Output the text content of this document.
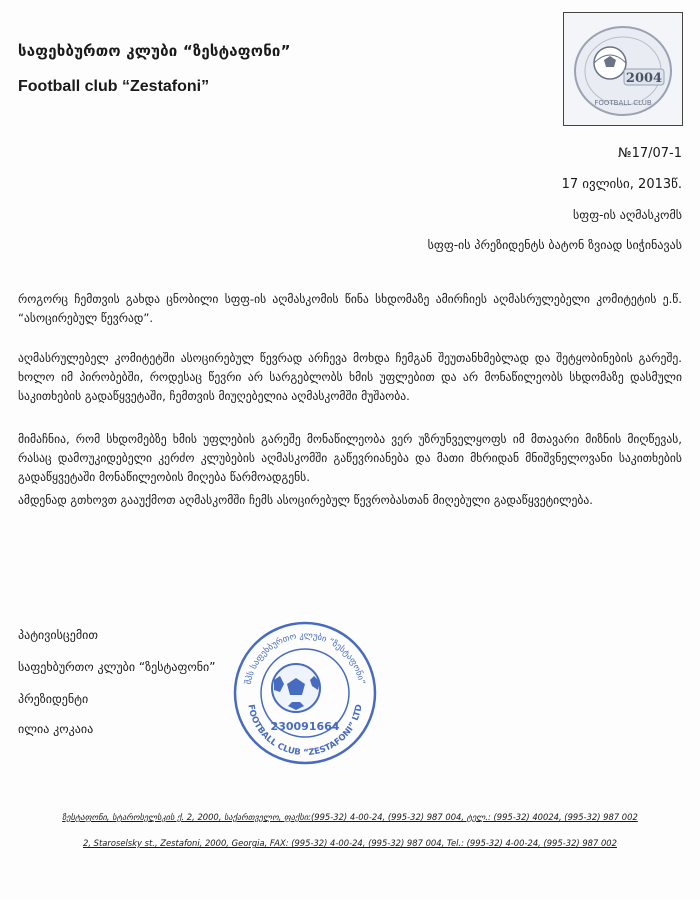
საფეხბურთო კლუბი “ზესტაფონი”
Football club “Zestafoni”	2004
FOOTBALL CLUB
№17/07-1
17 ივლისი, 2013წ.
სფფ-ის აღმასკომს
სფფ-ის პრეზიდენტს ბატონ ზვიად სიჭინავას
როგორც ჩემთვის გახდა ცნობილი სფფ-ის აღმასკომის წინა სხდომაზე ამირჩიეს აღმასრულებელი კომიტეტის ე.წ. “ასოცირებულ წევრად”.
აღმასრულებელ კომიტეტში ასოცირებულ წევრად არჩევა მოხდა ჩემგან შეუთანხმებლად და შეტყობინების გარეშე. ხოლო იმ პირობებში, როდესაც წევრი არ სარგებლობს ხმის უფლებით და არ მონაწილეობს სხდომაზე დასმული საკითხების გადაწყვეტაში, ჩემთვის მიუღებელია აღმასკომში მუშაობა.
მიმაჩნია, რომ სხდომებზე ხმის უფლების გარეშე მონაწილეობა ვერ უზრუნველყოფს იმ მთავარი მიზნის მიღწევას, რასაც დამოუკიდებელი კერძო კლუბების აღმასკომში გაწევრიანება და მათი მხრიდან მნიშვნელოვანი საკითხების გადაწყვეტაში მონაწილეობის მიღება წარმოადგენს.
ამდენად გთხოვთ გააუქმოთ აღმასკომში ჩემს ასოცირებულ წევრობასთან მიღებული გადაწყვეტილება.
პატივისცემით
საფეხბურთო კლუბი “ზესტაფონი”
პრეზიდენტი
ილია კოკაია
შპს საფეხბურთო კლუბი “ზესტაფონი”
FOOTBALL CLUB “ZESTAFONI” LTD
230091664
ზესტაფონი, სტაროსელსკის ქ. 2, 2000, საქართველო, ფაქსი:(995-32) 4-00-24, (995-32) 987 004, ტელ.: (995-32) 40024, (995-32) 987 002
2, Staroselsky st., Zestafoni, 2000, Georgia, FAX: (995-32) 4-00-24, (995-32) 987 004, Tel.: (995-32) 4-00-24, (995-32) 987 002
